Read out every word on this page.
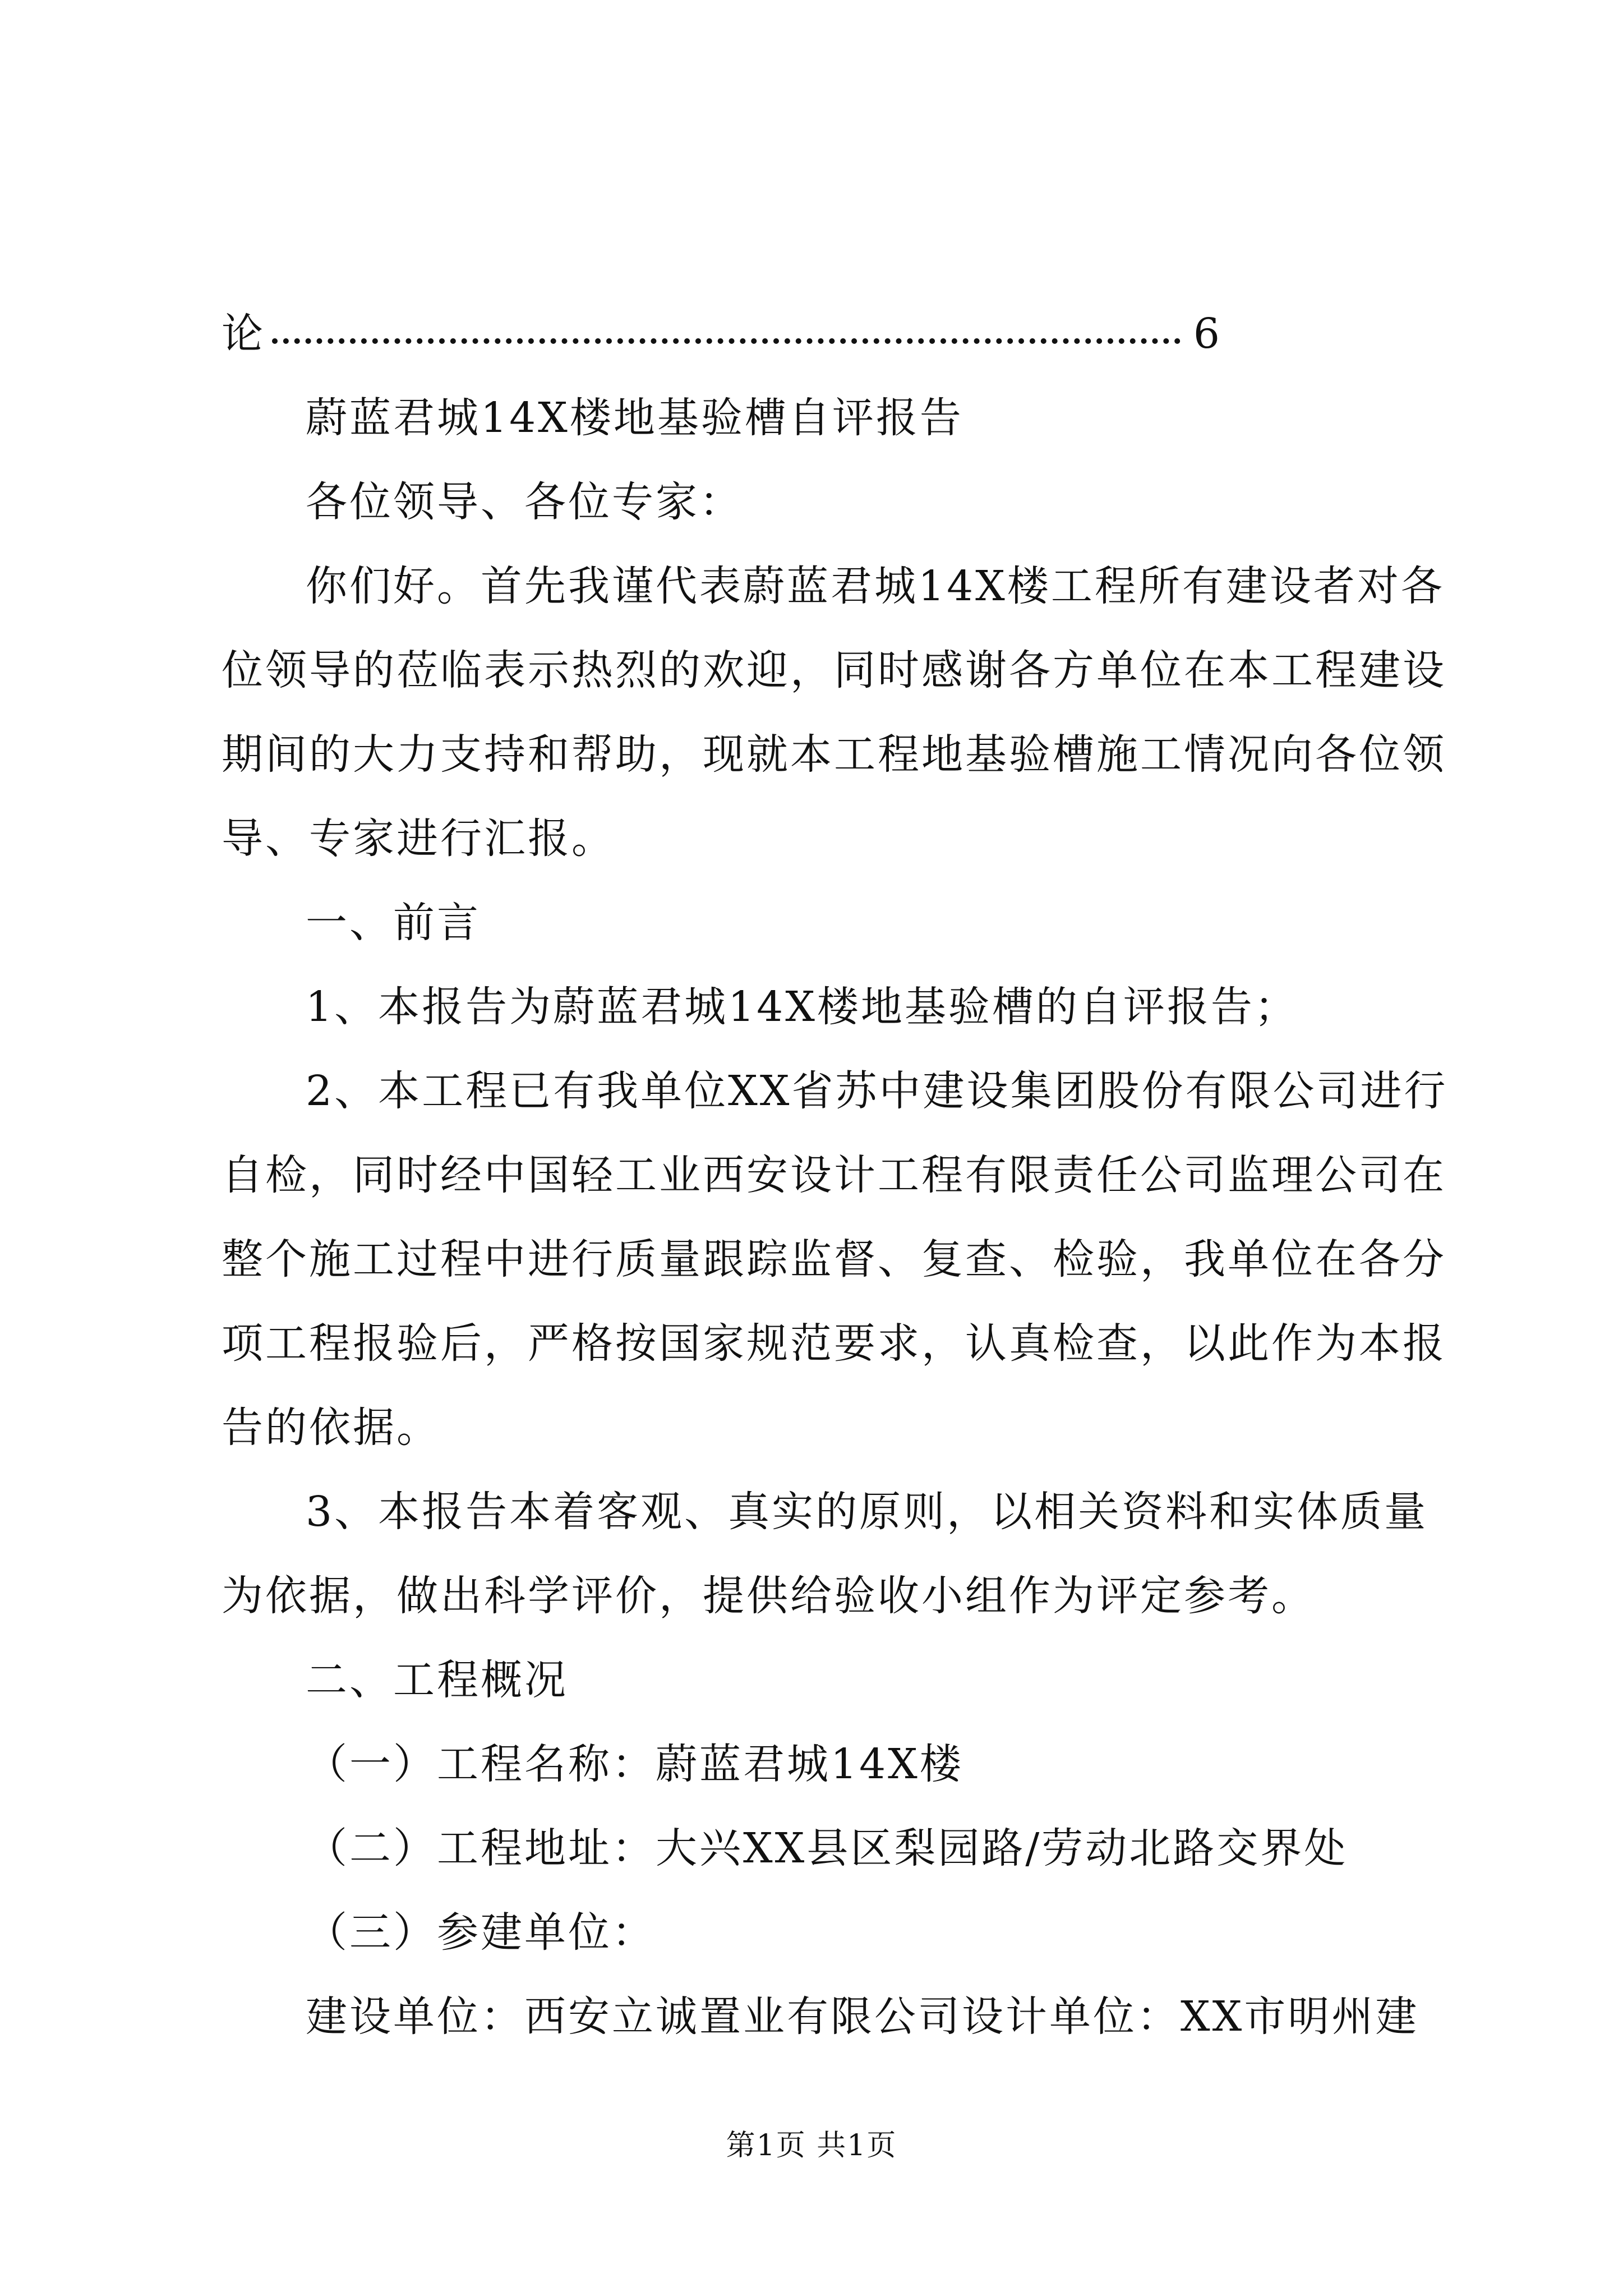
论	6
蔚蓝君城14X楼地基验槽自评报告
各位领导、各位专家：
你们好。首先我谨代表蔚蓝君城14X楼工程所有建设者对各
位领导的莅临表示热烈的欢迎，同时感谢各方单位在本工程建设
期间的大力支持和帮助，现就本工程地基验槽施工情况向各位领
导、专家进行汇报。
一、前言
1、本报告为蔚蓝君城14X楼地基验槽的自评报告；
2、本工程已有我单位XX省苏中建设集团股份有限公司进行
自检，同时经中国轻工业西安设计工程有限责任公司监理公司在
整个施工过程中进行质量跟踪监督、复查、检验，我单位在各分
项工程报验后，严格按国家规范要求，认真检查，以此作为本报
告的依据。
3、本报告本着客观、真实的原则，以相关资料和实体质量
为依据，做出科学评价，提供给验收小组作为评定参考。
二、工程概况
（一）工程名称：蔚蓝君城14X楼
（二）工程地址：大兴XX县区梨园路/劳动北路交界处
（三）参建单位：
建设单位：西安立诚置业有限公司设计单位：XX市明州建
第1页 共1页
